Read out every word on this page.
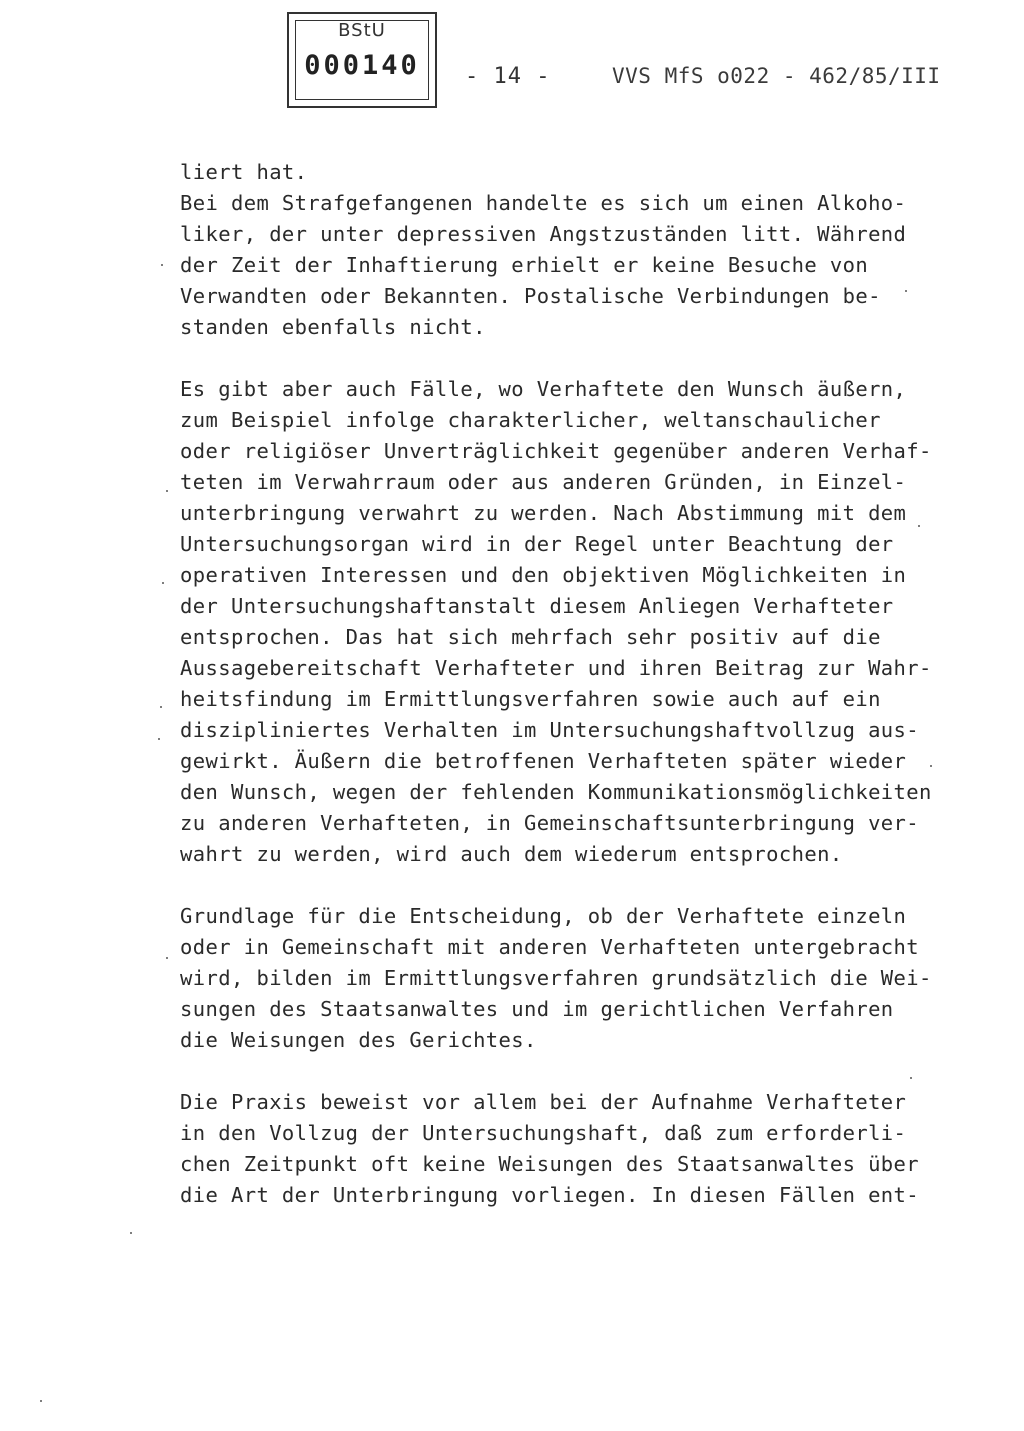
BStU
000140	- 14 -	VVS MfS o022 - 462/85/III
liert hat.
Bei dem Strafgefangenen handelte es sich um einen Alkoho-
liker, der unter depressiven Angstzuständen litt. Während
der Zeit der Inhaftierung erhielt er keine Besuche von
Verwandten oder Bekannten. Postalische Verbindungen be-
standen ebenfalls nicht.
Es gibt aber auch Fälle, wo Verhaftete den Wunsch äußern,
zum Beispiel infolge charakterlicher, weltanschaulicher
oder religiöser Unverträglichkeit gegenüber anderen Verhaf-
teten im Verwahrraum oder aus anderen Gründen, in Einzel-
unterbringung verwahrt zu werden. Nach Abstimmung mit dem
Untersuchungsorgan wird in der Regel unter Beachtung der
operativen Interessen und den objektiven Möglichkeiten in
der Untersuchungshaftanstalt diesem Anliegen Verhafteter
entsprochen. Das hat sich mehrfach sehr positiv auf die
Aussagebereitschaft Verhafteter und ihren Beitrag zur Wahr-
heitsfindung im Ermittlungsverfahren sowie auch auf ein
diszipliniertes Verhalten im Untersuchungshaftvollzug aus-
gewirkt. Äußern die betroffenen Verhafteten später wieder
den Wunsch, wegen der fehlenden Kommunikationsmöglichkeiten
zu anderen Verhafteten, in Gemeinschaftsunterbringung ver-
wahrt zu werden, wird auch dem wiederum entsprochen.
Grundlage für die Entscheidung, ob der Verhaftete einzeln
oder in Gemeinschaft mit anderen Verhafteten untergebracht
wird, bilden im Ermittlungsverfahren grundsätzlich die Wei-
sungen des Staatsanwaltes und im gerichtlichen Verfahren
die Weisungen des Gerichtes.
Die Praxis beweist vor allem bei der Aufnahme Verhafteter
in den Vollzug der Untersuchungshaft, daß zum erforderli-
chen Zeitpunkt oft keine Weisungen des Staatsanwaltes über
die Art der Unterbringung vorliegen. In diesen Fällen ent-
